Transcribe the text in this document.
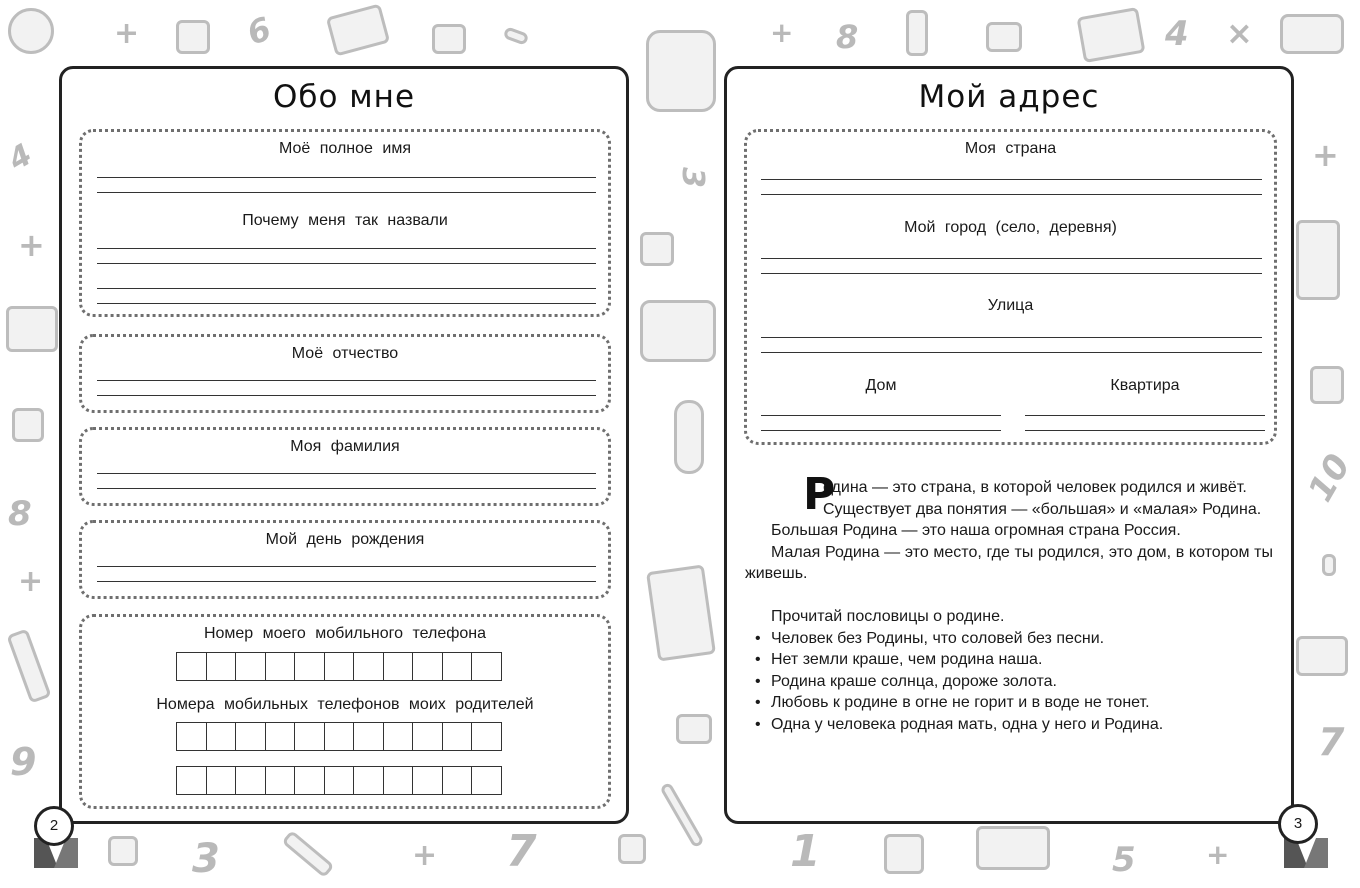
6	8	4
3
8
9
3	7	1	5
10
7
4
+
+
+
+
+
+	×
+
Обо мне
Моё полное имя
Почему меня так назвали
Моё отчество
Моя фамилия
Мой день рождения
Номер моего мобильного телефона
Номера мобильных телефонов моих родителей
Мой адрес
Моя страна
Мой город (село, деревня)
Улица
Дом	Квартира

Р
одина — это страна, в которой человек родился и живёт.

Существует два понятия — «большая» и «малая» Родина.

Большая Родина — это наша огромная страна Россия.

Малая Родина — это место, где ты родился, это дом, в котором ты живешь.

Прочитай пословицы о родине.

• Человек без Родины, что соловей без песни.
• Нет земли краше, чем родина наша.
• Родина краше солнца, дороже золота.
• Любовь к родине в огне не горит и в воде не тонет.
• Одна у человека родная мать, одна у него и Родина.
2	3
